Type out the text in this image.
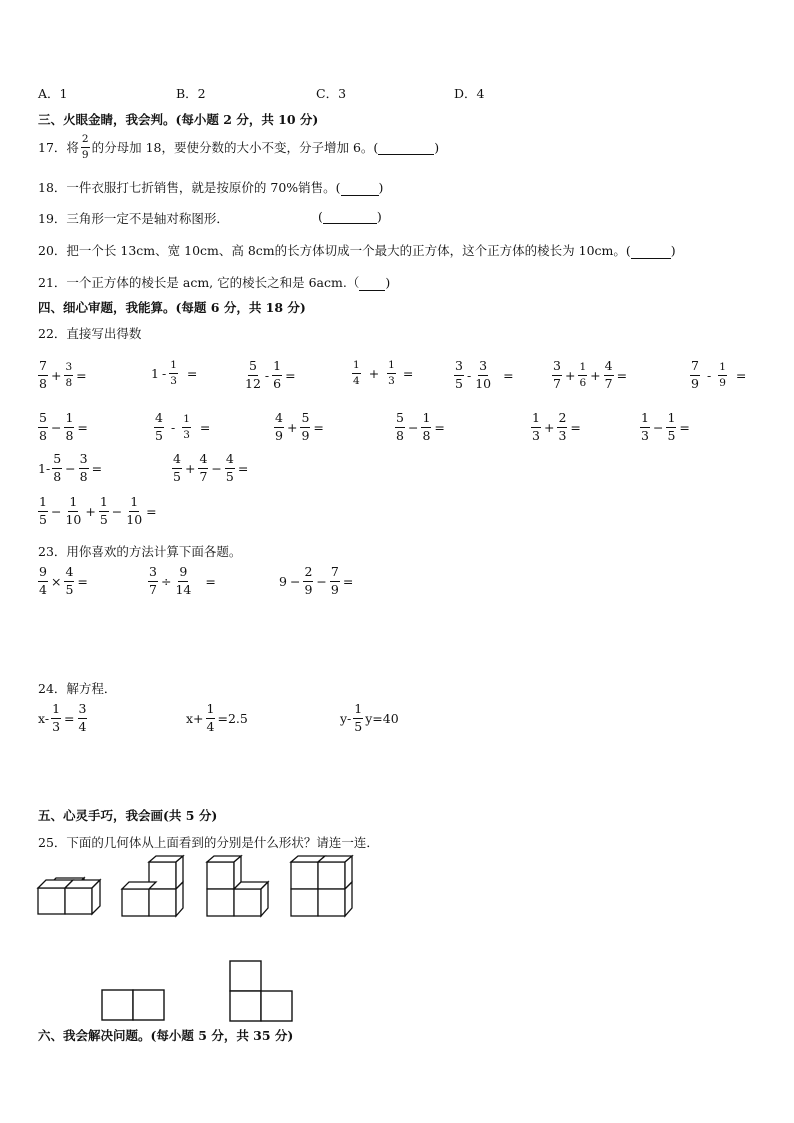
A．1	B．2	C．3	D．4
三、火眼金睛，我会判。(每小题 2 分，共 10 分)
17．将 $\frac{2}{9}$ 的分母加 18，要使分数的大小不变，分子增加 6。(	)
18．一件衣服打七折销售，就是按原价的 70%销售。(	)
19．三角形一定不是轴对称图形．	(	)
20．把一个长 13cm、宽 10cm、高 8cm的长方体切成一个最大的正方体，这个正方体的棱长为 10cm。(	)
21．一个正方体的棱长是 acm, 它的棱长之和是 6acm.（ )
四、细心审题，我能算。(每题 6 分，共 18 分)
22．直接写出得数
$\frac{7}{8} + \frac{3}{8}$ =	$1 - \frac{1}{3}$ =	$\frac{5}{12} - \frac{1}{6}$ =	$\frac{1}{4} + \frac{1}{3}$ =	$\frac{3}{5} - \frac{3}{10}$ =	$\frac{3}{7} + \frac{1}{6} + \frac{4}{7}$ =	$\frac{7}{9} - \frac{1}{9}$ =
$\frac{5}{8} - \frac{1}{8}$ =	$\frac{4}{5} - \frac{1}{3}$ =	$\frac{4}{9} + \frac{5}{9}$ =	$\frac{5}{8} - \frac{1}{8}$ =	$\frac{1}{3} + \frac{2}{3}$ =	$\frac{1}{3} - \frac{1}{5}$ =
$1- \frac{5}{8} - \frac{3}{8}$ =	$\frac{4}{5} + \frac{4}{7} - \frac{4}{5}$ =
$\frac{1}{5} - \frac{1}{10} + \frac{1}{5} - \frac{1}{10}$ =
23．用你喜欢的方法计算下面各题。
$\frac{9}{4} \times \frac{4}{5}$ =	$\frac{3}{7} \div \frac{9}{14}$ =	$9 - \frac{2}{9} - \frac{7}{9}$ =
24．解方程．
$x- \frac{1}{3} = \frac{3}{4}$	$x+ \frac{1}{4} =2.5$	$y- \frac{1}{5} y=40$
五、心灵手巧，我会画(共 5 分)
25．下面的几何体从上面看到的分别是什么形状？请连一连．
六、我会解决问题。(每小题 5 分，共 35 分)
